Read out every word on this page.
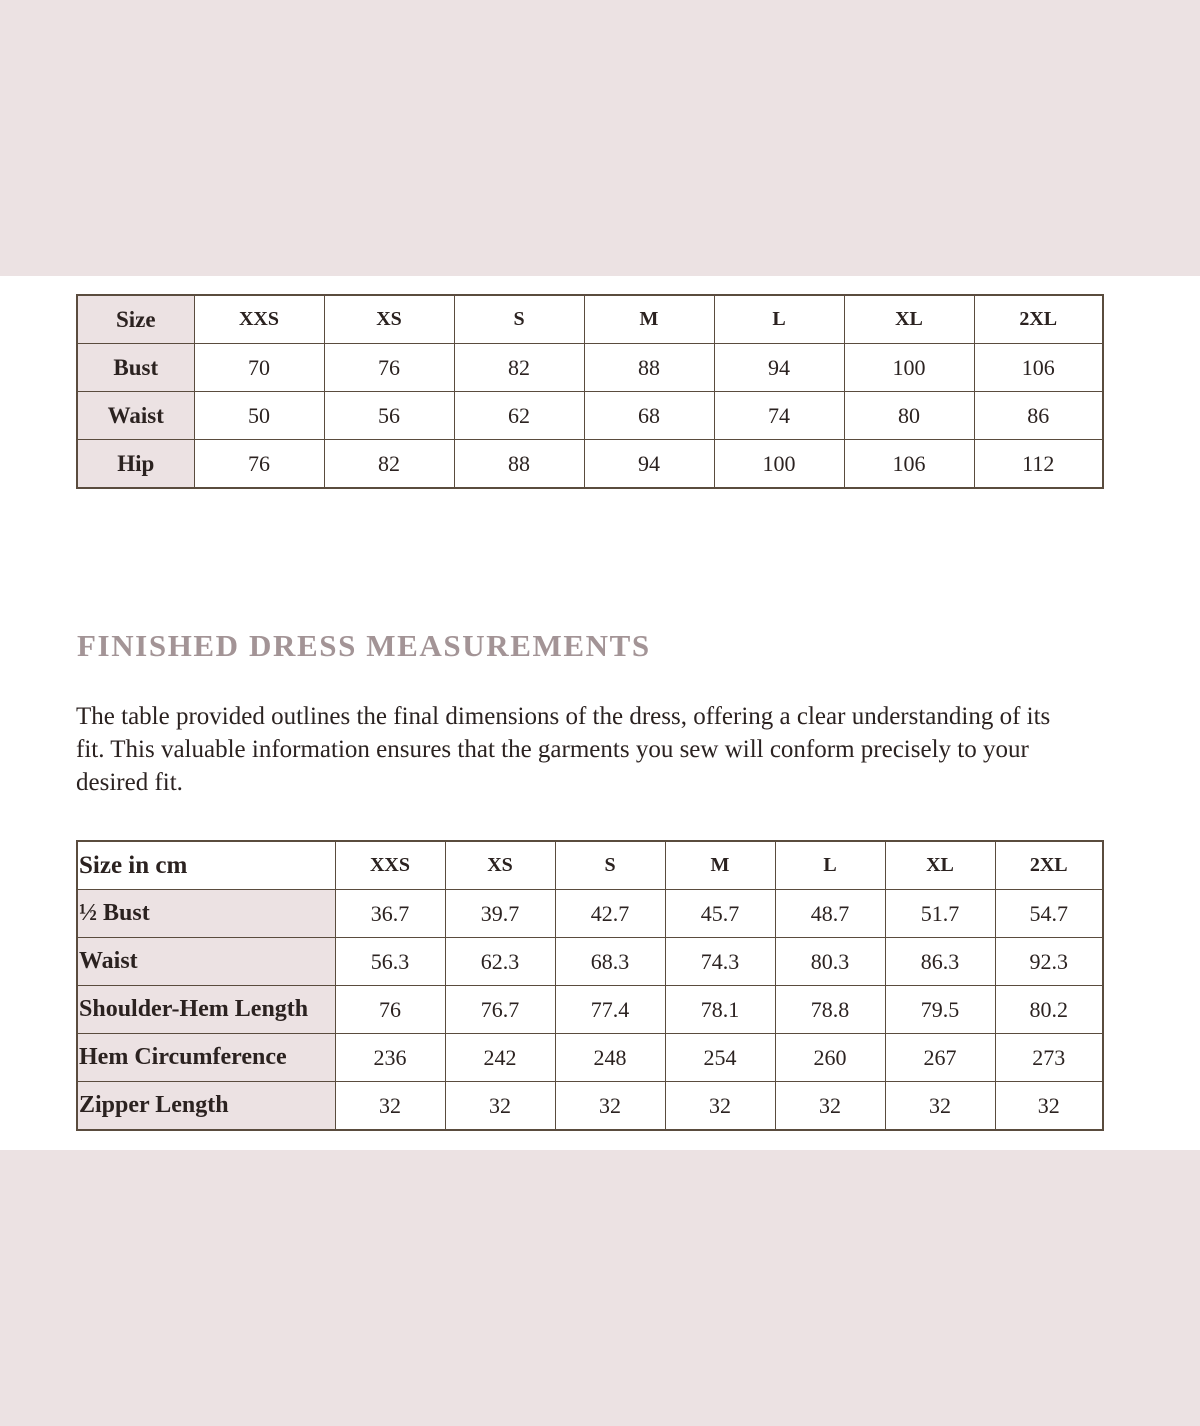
Size	XXS	XS	S	M	L	XL	2XL
Bust	70	76	82	88	94	100	106
Waist	50	56	62	68	74	80	86
Hip	76	82	88	94	100	106	112
FINISHED DRESS MEASUREMENTS

The table provided outlines the final dimensions of the dress, offering a clear understanding of its fit. This valuable information ensures that the garments you sew will conform precisely to your desired fit.

Size in cm	XXS	XS	S	M	L	XL	2XL
½ Bust	36.7	39.7	42.7	45.7	48.7	51.7	54.7
Waist	56.3	62.3	68.3	74.3	80.3	86.3	92.3
Shoulder-Hem Length	76	76.7	77.4	78.1	78.8	79.5	80.2
Hem Circumference	236	242	248	254	260	267	273
Zipper Length	32	32	32	32	32	32	32
